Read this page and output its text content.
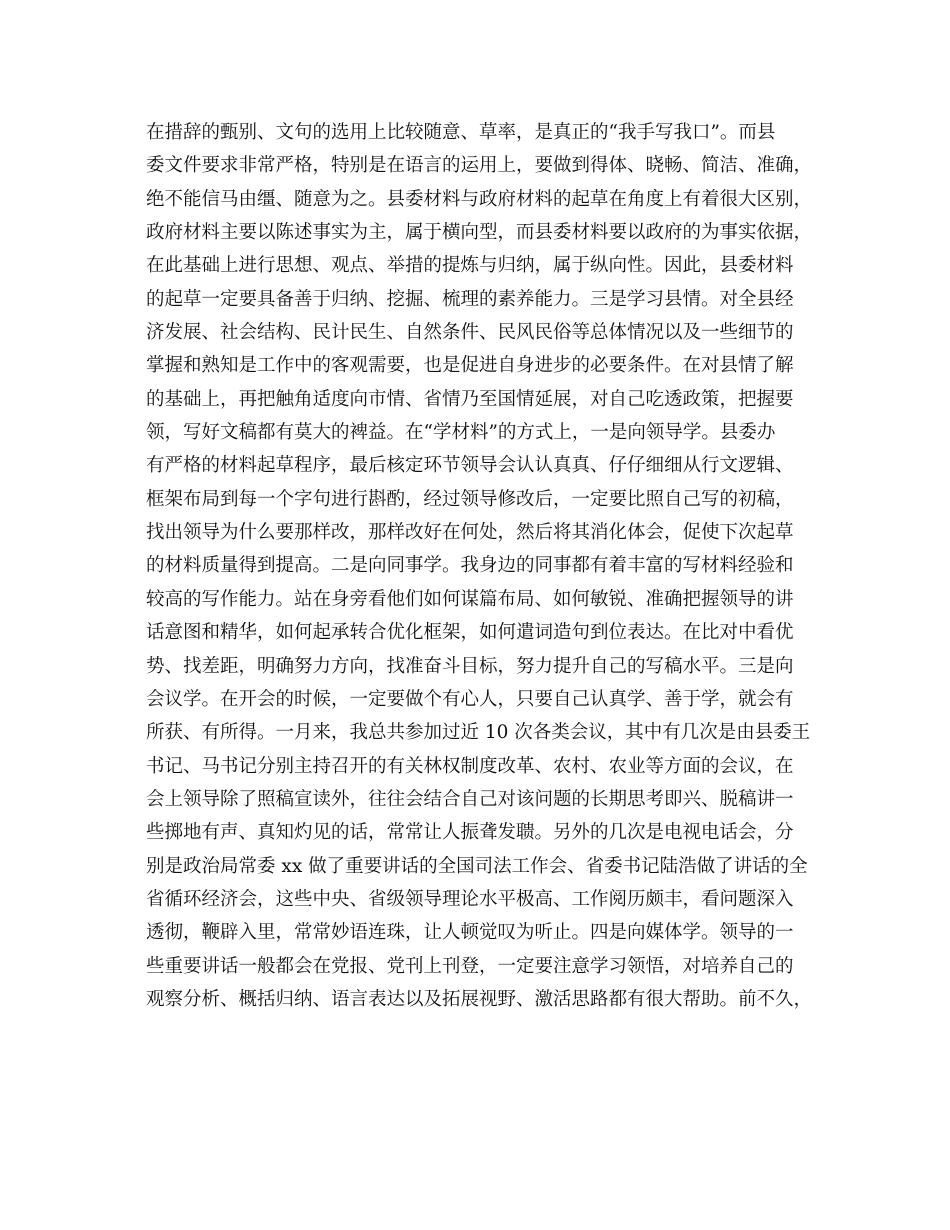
在措辞的甄别、文句的选用上比较随意、草率，是真正的“我手写我口”。而县
委文件要求非常严格，特别是在语言的运用上，要做到得体、晓畅、简洁、准确，
绝不能信马由缰、随意为之。县委材料与政府材料的起草在角度上有着很大区别，
政府材料主要以陈述事实为主，属于横向型，而县委材料要以政府的为事实依据，
在此基础上进行思想、观点、举措的提炼与归纳，属于纵向性。因此，县委材料
的起草一定要具备善于归纳、挖掘、梳理的素养能力。三是学习县情。对全县经
济发展、社会结构、民计民生、自然条件、民风民俗等总体情况以及一些细节的
掌握和熟知是工作中的客观需要，也是促进自身进步的必要条件。在对县情了解
的基础上，再把触角适度向市情、省情乃至国情延展，对自己吃透政策，把握要
领，写好文稿都有莫大的裨益。在“学材料”的方式上，一是向领导学。县委办
有严格的材料起草程序，最后核定环节领导会认认真真、仔仔细细从行文逻辑、
框架布局到每一个字句进行斟酌，经过领导修改后，一定要比照自己写的初稿，
找出领导为什么要那样改，那样改好在何处，然后将其消化体会，促使下次起草
的材料质量得到提高。二是向同事学。我身边的同事都有着丰富的写材料经验和
较高的写作能力。站在身旁看他们如何谋篇布局、如何敏锐、准确把握领导的讲
话意图和精华，如何起承转合优化框架，如何遣词造句到位表达。在比对中看优
势、找差距，明确努力方向，找准奋斗目标，努力提升自己的写稿水平。三是向
会议学。在开会的时候，一定要做个有心人，只要自己认真学、善于学，就会有
所获、有所得。一月来，我总共参加过近 10 次各类会议，其中有几次是由县委王
书记、马书记分别主持召开的有关林权制度改革、农村、农业等方面的会议，在
会上领导除了照稿宣读外，往往会结合自己对该问题的长期思考即兴、脱稿讲一
些掷地有声、真知灼见的话，常常让人振聋发聩。另外的几次是电视电话会，分
别是政治局常委 xx 做了重要讲话的全国司法工作会、省委书记陆浩做了讲话的全
省循环经济会，这些中央、省级领导理论水平极高、工作阅历颇丰，看问题深入
透彻，鞭辟入里，常常妙语连珠，让人顿觉叹为听止。四是向媒体学。领导的一
些重要讲话一般都会在党报、党刊上刊登，一定要注意学习领悟，对培养自己的
观察分析、概括归纳、语言表达以及拓展视野、激活思路都有很大帮助。前不久，
